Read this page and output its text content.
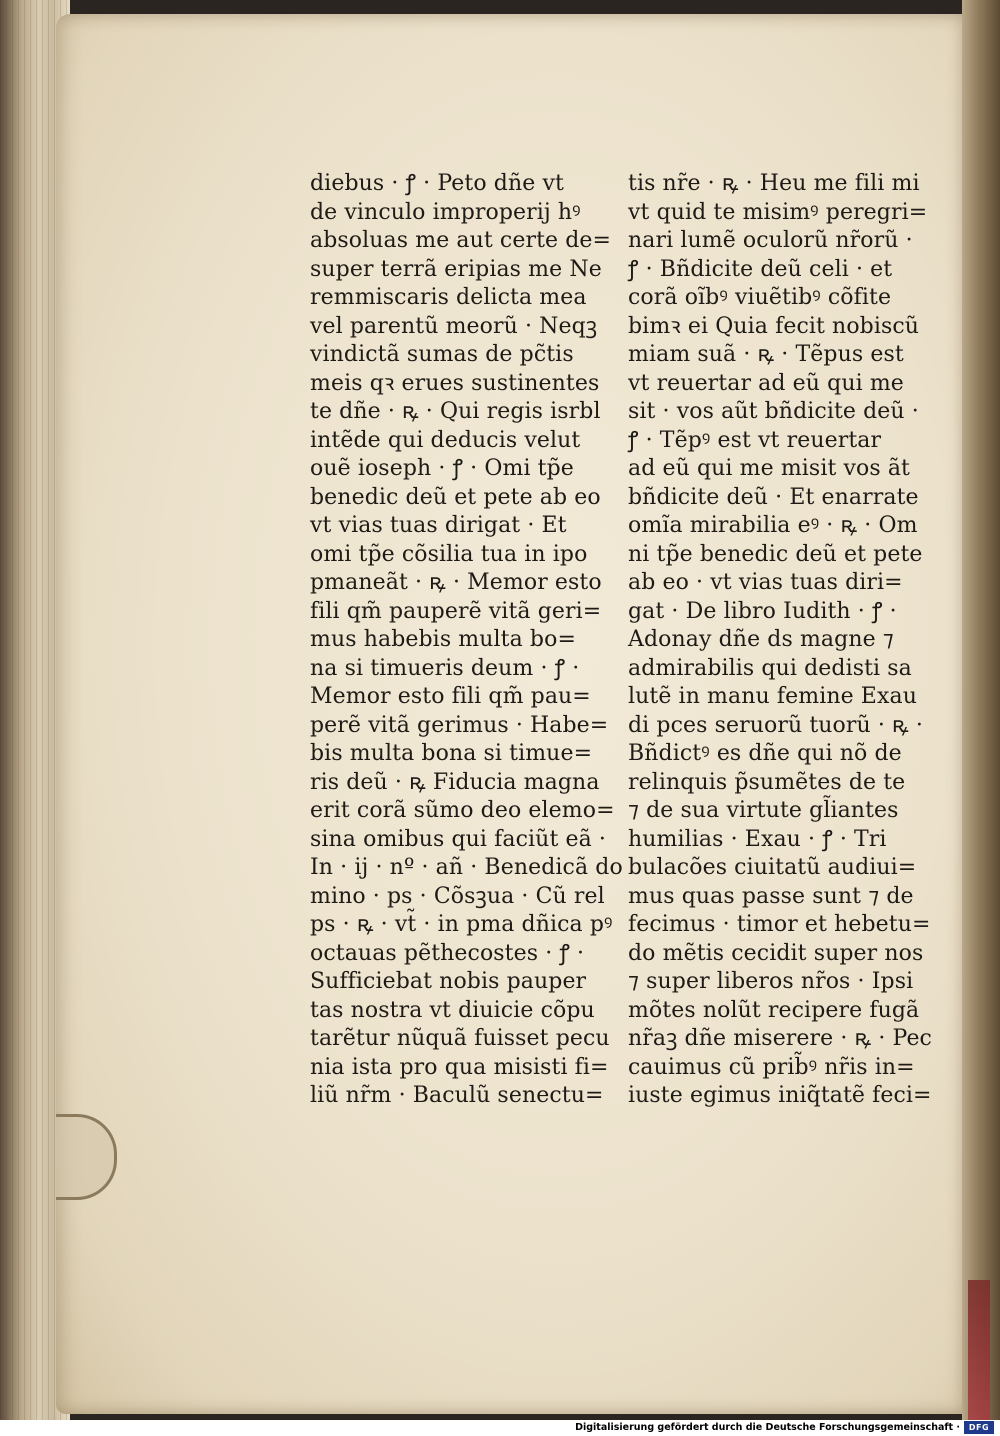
diebus · ꝭ · Peto dñe vt
de vinculo improperij hꝰ
absoluas me aut certe de=
super terrã eripias me Ne
remmiscaris delicta mea
vel parentũ meorũ · Neqꝫ
vindictã sumas de pc̃tis
meis qꝛ erues sustinentes
te dñe · ꝶ · Qui regis isrbl
intẽde qui deducis velut
ouẽ ioseph · ꝭ · Omi tp̃e
benedic deũ et pete ab eo
vt vias tuas dirigat · Et
omi tp̃e cõsilia tua in ipo
pmaneãt · ꝶ · Memor esto
fili qm̃ pauperẽ vitã geri=
mus habebis multa bo=
na si timueris deum · ꝭ ·
Memor esto fili qm̃ pau=
perẽ vitã gerimus · Habe=
bis multa bona si timue=
ris deũ · ꝶ Fiducia magna
erit corã sũmo deo elemo=
sina omibus qui faciũt eã ·
In · ij · nº · añ · Benedicã do
mino · ps · Cõsꝫua · Cũ rel
ps · ꝶ · vt̃ · in pma dñica pꝰ
octauas pẽthecostes · ꝭ ·
Sufficiebat nobis pauper
tas nostra vt diuicie cõpu
tarẽtur nũquã fuisset pecu
nia ista pro qua misisti fi=
liũ nr̃m · Baculũ senectu=
tis nr̃e · ꝶ · Heu me fili mi
vt quid te misimꝰ peregri=
nari lumẽ oculorũ nr̃orũ ·
ꝭ · Bñdicite deũ celi · et
corã oĩbꝰ viuẽtibꝰ cõfite
bimꝛ ei Quia fecit nobiscũ
miam suã · ꝶ · Tẽpus est
vt reuertar ad eũ qui me
sit · vos aũt bñdicite deũ ·
ꝭ · Tẽpꝰ est vt reuertar
ad eũ qui me misit vos ãt
bñdicite deũ · Et enarrate
omĩa mirabilia eꝰ · ꝶ · Om
ni tp̃e benedic deũ et pete
ab eo · vt vias tuas diri=
gat · De libro Iudith · ꝭ ·
Adonay dñe ds magne ⁊
admirabilis qui dedisti sa
lutẽ in manu femine Exau
di pces seruorũ tuorũ · ꝶ ·
Bñdictꝰ es dñe qui nõ de
relinquis p̃sumẽtes de te
⁊ de sua virtute gl̃iantes
humilias · Exau · ꝭ · Tri
bulacões ciuitatũ audiui=
mus quas passe sunt ⁊ de
fecimus · timor et hebetu=
do mẽtis cecidit super nos
⁊ super liberos nr̃os · Ipsi
mõtes nolũt recipere fugã
nr̃aꝫ dñe miserere · ꝶ · Pec
cauimus cũ prib̃ꝰ nr̃is in=
iuste egimus iniq̃tatẽ feci=
Digitalisierung gefördert durch die Deutsche Forschungsgemeinschaft ·	DFG
